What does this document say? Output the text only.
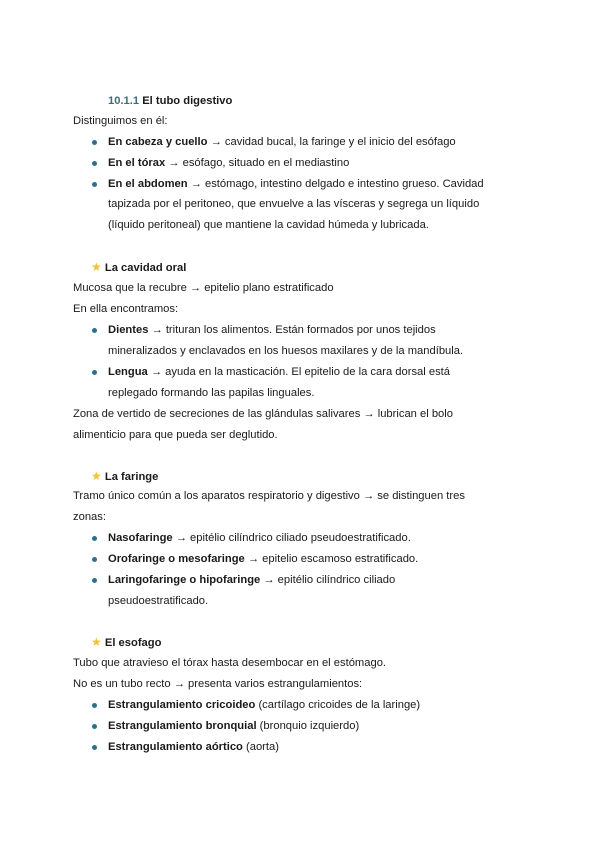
10.1.1 El tubo digestivo
Distinguimos en él:
En cabeza y cuello → cavidad bucal, la faringe y el inicio del esófago
En el tórax → esófago, situado en el mediastino
En el abdomen → estómago, intestino delgado e intestino grueso. Cavidad
tapizada por el peritoneo, que envuelve a las vísceras y segrega un líquido
(líquido peritoneal) que mantiene la cavidad húmeda y lubricada.
★ La cavidad oral
Mucosa que la recubre → epitelio plano estratificado
En ella encontramos:
Dientes → trituran los alimentos. Están formados por unos tejidos
mineralizados y enclavados en los huesos maxilares y de la mandíbula.
Lengua → ayuda en la masticación. El epitelio de la cara dorsal está
replegado formando las papilas linguales.
Zona de vertido de secreciones de las glándulas salivares → lubrican el bolo
alimenticio para que pueda ser deglutido.
★ La faringe
Tramo único común a los aparatos respiratorio y digestivo → se distinguen tres
zonas:
Nasofaringe → epitélio cilíndrico ciliado pseudoestratificado.
Orofaringe o mesofaringe → epitelio escamoso estratificado.
Laringofaringe o hipofaringe → epitélio cilíndrico ciliado
pseudoestratificado.
★ El esofago
Tubo que atravieso el tórax hasta desembocar en el estómago.
No es un tubo recto → presenta varios estrangulamientos:
Estrangulamiento cricoideo (cartílago cricoides de la laringe)
Estrangulamiento bronquial (bronquio izquierdo)
Estrangulamiento aórtico (aorta)
